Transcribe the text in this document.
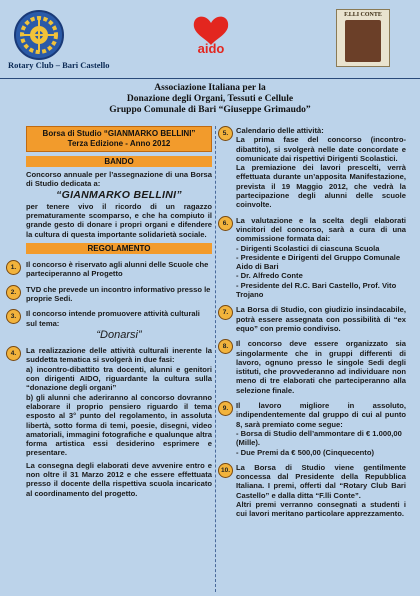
Rotary Club – Bari Castello
aido
F.LLI CONTE
Associazione Italiana per la
Donazione degli Organi, Tessuti e Cellule
Gruppo Comunale di Bari “Giuseppe Grimaudo”
Borsa di Studio “GIANMARKO BELLINI”
Terza Edizione - Anno 2012
BANDO

Concorso annuale per l’assegnazione di una Borsa di Studio dedicata a:

“GIANMARKO BELLINI”

per tenere vivo il ricordo di un ragazzo prematuramente scomparso, e che ha compiuto il grande gesto di donare i propri organi e difendere la cultura di questa importante solidarietà sociale.

REGOLAMENTO
1.	Il concorso è riservato agli alunni delle Scuole che parteciperanno al Progetto

2.	TVD che prevede un incontro informativo presso le proprie Sedi.

3.	Il concorso intende promuovere attività culturali sul tema:

“Donarsi”
4.	La realizzazione delle attività culturali inerente la suddetta tematica si svolgerà in due fasi:

a) incontro-dibattito tra docenti, alunni e genitori con dirigenti AIDO, riguardante la cultura sulla “donazione degli organi”

b) gli alunni che aderiranno al concorso dovranno elaborare il proprio pensiero riguardo il tema esposto al 3° punto del regolamento, in assoluta libertà, sotto forma di temi, poesie, disegni, video amatoriali, immagini fotografiche e qualunque altra forma artistica essi desiderino esprimere e presentare.

La consegna degli elaborati deve avvenire entro e non oltre il 31 Marzo 2012 e che essere effettuata presso il docente della rispettiva scuola incaricato al coordinamento del progetto.

5.	Calendario delle attività:

La prima fase del concorso (incontro-dibattito), si svolgerà nelle date concordate e comunicate dai rispettivi Dirigenti Scolastici.

La premiazione dei lavori prescelti, verrà effettuata durante un’apposita Manifestazione, prevista il 19 Maggio 2012, che vedrà la partecipazione degli alunni delle scuole coinvolte.

6.	La valutazione e la scelta degli elaborati vincitori del concorso, sarà a cura di una commissione formata dai:

- Dirigenti Scolastici di ciascuna Scuola

- Presidente e Dirigenti del Gruppo Comunale Aido di Bari

- Dr. Alfredo Conte

- Presidente del R.C. Bari Castello, Prof. Vito Trojano

7.	La Borsa di Studio, con giudizio insindacabile, potrà essere assegnata con possibilità di “ex equo” con premio condiviso.

8.	Il concorso deve essere organizzato sia singolarmente che in gruppi differenti di lavoro, ognuno presso le singole Sedi degli istituti, che provvederanno ad individuare non meno di tre elaborati che parteciperanno alla selezione finale.

9.	Il lavoro migliore in assoluto, indipendentemente dal gruppo di cui al punto 8, sarà premiato come segue:

- Borsa di Studio dell’ammontare di € 1.000,00 (Mille).

- Due Premi da € 500,00 (Cinquecento)

10. La Borsa di Studio viene gentilmente concessa dal Presidente della Repubblica Italiana. I premi, offerti dal “Rotary Club Bari Castello” e dalla ditta “F.lli Conte”.

Altri premi verranno consegnati a studenti i cui lavori meritano particolare apprezzamento.
